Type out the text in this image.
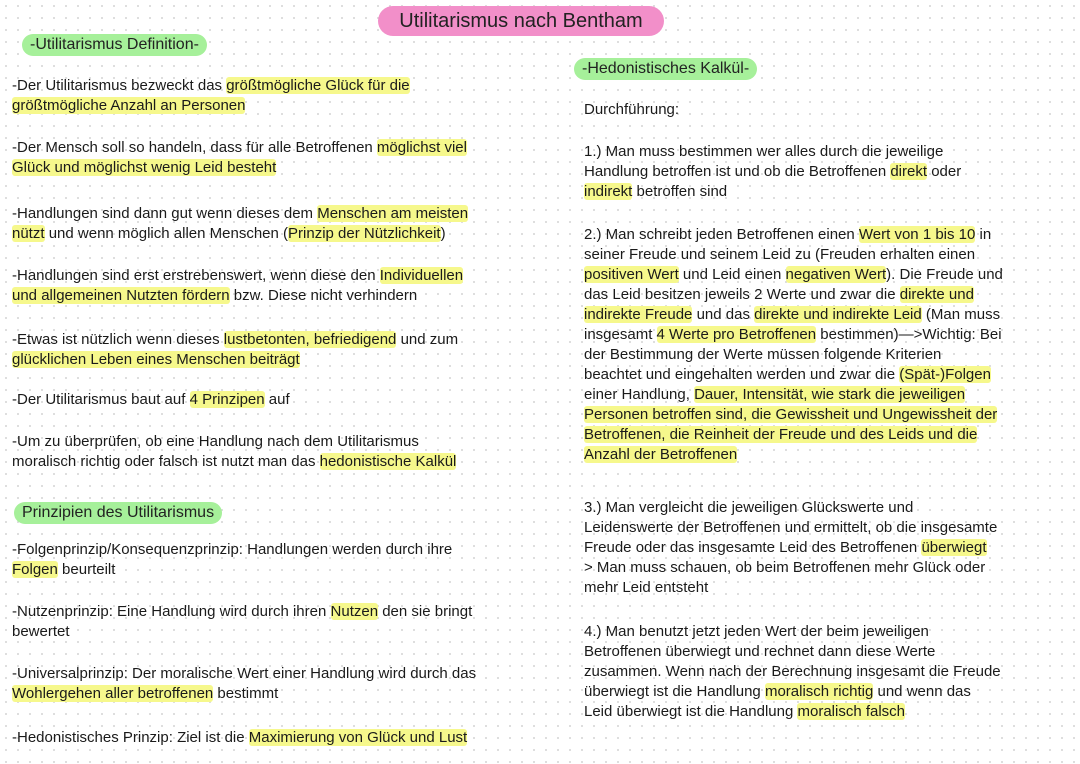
Utilitarismus nach Bentham
-Utilitarismus Definition-
-Der Utilitarismus bezweckt das größtmögliche Glück für die
größtmögliche Anzahl an Personen
-Der Mensch soll so handeln, dass für alle Betroffenen möglichst viel
Glück und möglichst wenig Leid besteht
-Handlungen sind dann gut wenn dieses dem Menschen am meisten
nützt und wenn möglich allen Menschen (Prinzip der Nützlichkeit)
-Handlungen sind erst erstrebenswert, wenn diese den Individuellen
und allgemeinen Nutzten fördern bzw. Diese nicht verhindern
-Etwas ist nützlich wenn dieses lustbetonten, befriedigend und zum
glücklichen Leben eines Menschen beiträgt
-Der Utilitarismus baut auf 4 Prinzipen auf
-Um zu überprüfen, ob eine Handlung nach dem Utilitarismus
moralisch richtig oder falsch ist nutzt man das hedonistische Kalkül
Prinzipien des Utilitarismus
-Folgenprinzip/Konsequenzprinzip: Handlungen werden durch ihre
Folgen beurteilt
-Nutzenprinzip: Eine Handlung wird durch ihren Nutzen den sie bringt
bewertet
-Universalprinzip: Der moralische Wert einer Handlung wird durch das
Wohlergehen aller betroffenen bestimmt
-Hedonistisches Prinzip: Ziel ist die Maximierung von Glück und Lust
-Hedonistisches Kalkül-
Durchführung:
1.) Man muss bestimmen wer alles durch die jeweilige
Handlung betroffen ist und ob die Betroffenen direkt oder
indirekt betroffen sind
2.) Man schreibt jeden Betroffenen einen Wert von 1 bis 10 in
seiner Freude und seinem Leid zu (Freuden erhalten einen
positiven Wert und Leid einen negativen Wert). Die Freude und
das Leid besitzen jeweils 2 Werte und zwar die direkte und
indirekte Freude und das direkte und indirekte Leid (Man muss
insgesamt 4 Werte pro Betroffenen bestimmen)—>Wichtig: Bei
der Bestimmung der Werte müssen folgende Kriterien
beachtet und eingehalten werden und zwar die (Spät-)Folgen
einer Handlung, Dauer, Intensität, wie stark die jeweiligen
Personen betroffen sind, die Gewissheit und Ungewissheit der
Betroffenen, die Reinheit der Freude und des Leids und die
Anzahl der Betroffenen
3.) Man vergleicht die jeweiligen Glückswerte und
Leidenswerte der Betroffenen und ermittelt, ob die insgesamte
Freude oder das insgesamte Leid des Betroffenen überwiegt
> Man muss schauen, ob beim Betroffenen mehr Glück oder
mehr Leid entsteht
4.) Man benutzt jetzt jeden Wert der beim jeweiligen
Betroffenen überwiegt und rechnet dann diese Werte
zusammen. Wenn nach der Berechnung insgesamt die Freude
überwiegt ist die Handlung moralisch richtig und wenn das
Leid überwiegt ist die Handlung moralisch falsch
